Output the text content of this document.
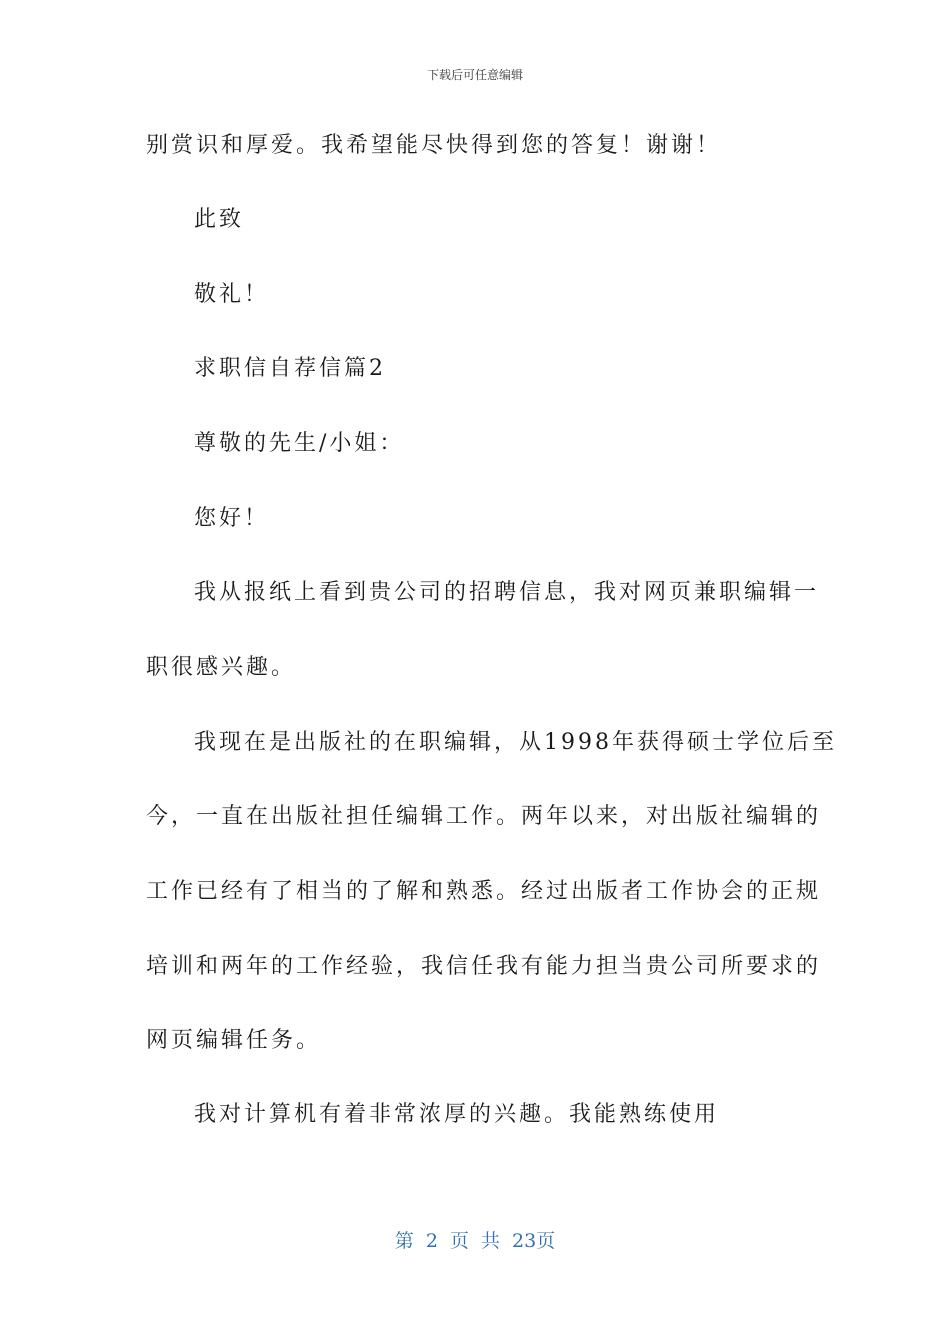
下载后可任意编辑
别赏识和厚爱。我希望能尽快得到您的答复！谢谢！
此致
敬礼！
求职信自荐信篇2
尊敬的先生/小姐：
您好！
我从报纸上看到贵公司的招聘信息，我对网页兼职编辑一
职很感兴趣。
我现在是出版社的在职编辑，从1998年获得硕士学位后至
今，一直在出版社担任编辑工作。两年以来，对出版社编辑的
工作已经有了相当的了解和熟悉。经过出版者工作协会的正规
培训和两年的工作经验，我信任我有能力担当贵公司所要求的
网页编辑任务。
我对计算机有着非常浓厚的兴趣。我能熟练使用
第 2 页 共 23页
